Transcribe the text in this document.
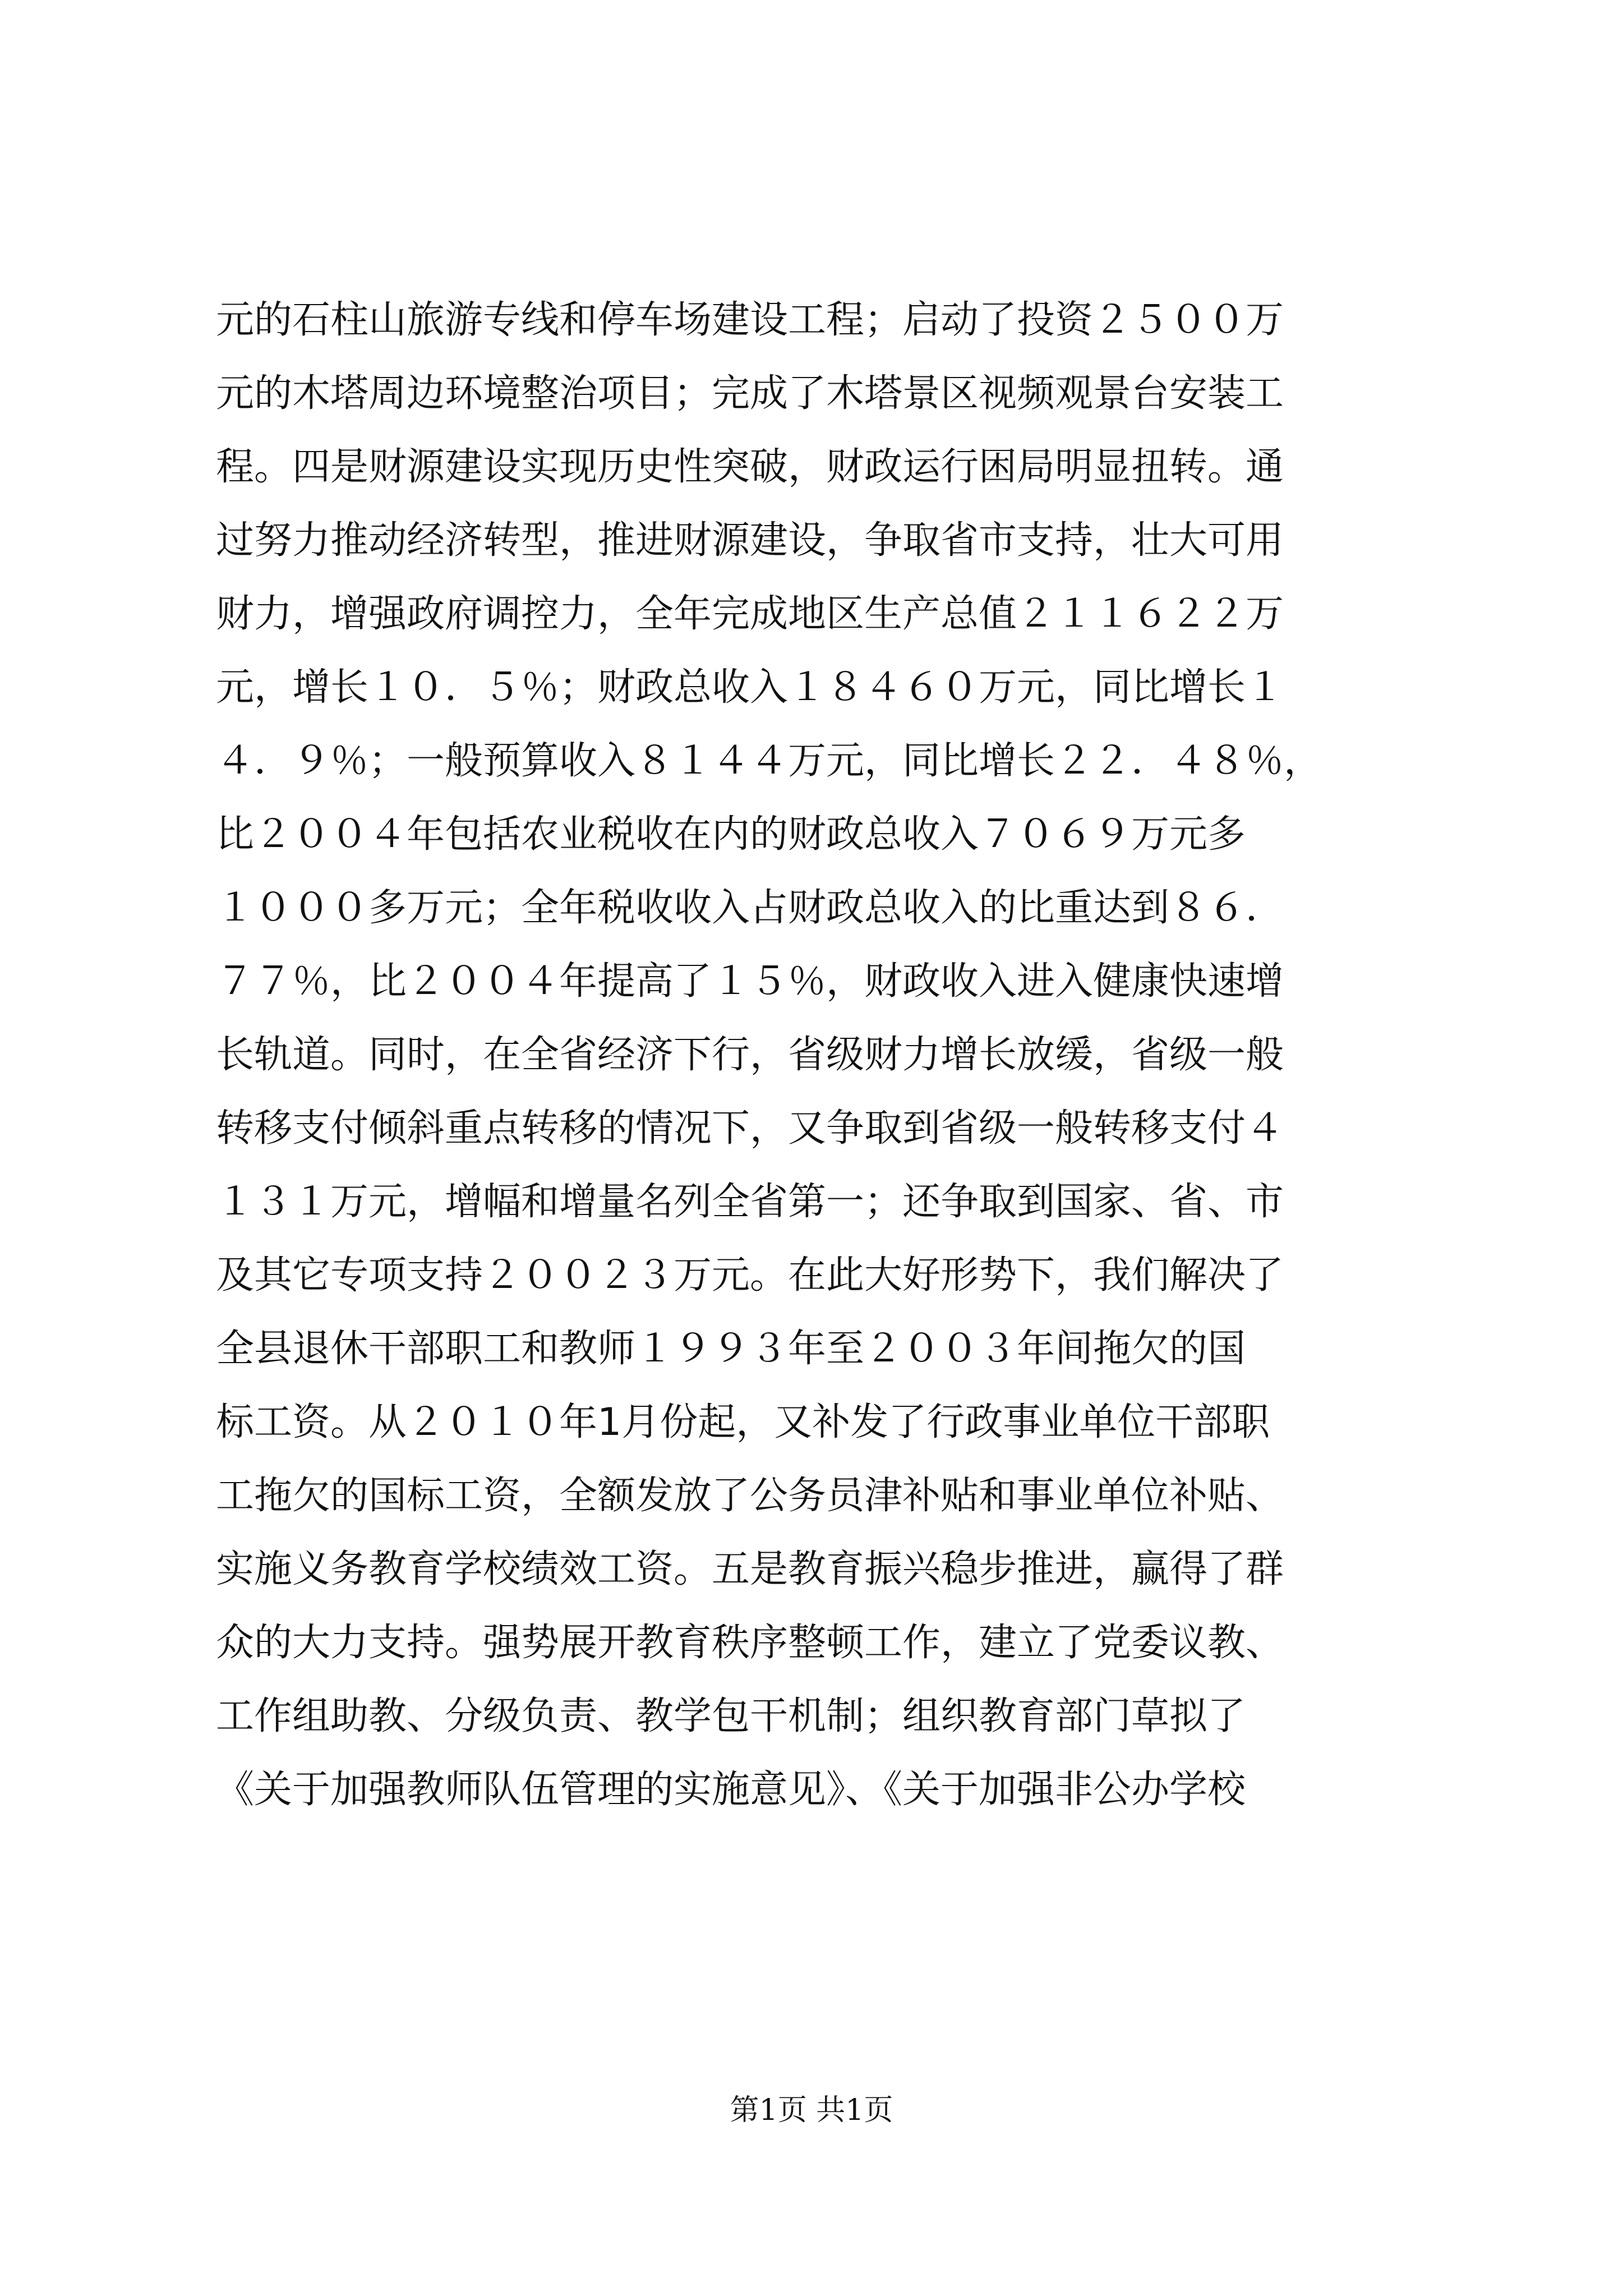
元的石柱山旅游专线和停车场建设工程；启动了投资２５００万
元的木塔周边环境整治项目；完成了木塔景区视频观景台安装工
程。四是财源建设实现历史性突破，财政运行困局明显扭转。通
过努力推动经济转型，推进财源建设，争取省市支持，壮大可用
财力，增强政府调控力，全年完成地区生产总值２１１６２２万
元，增长１０．５％；财政总收入１８４６０万元，同比增长１
４．９％；一般预算收入８１４４万元，同比增长２２．４８％，
比２００４年包括农业税收在内的财政总收入７０６９万元多
１０００多万元；全年税收收入占财政总收入的比重达到８６．
７７％，比２００４年提高了１５％，财政收入进入健康快速增
长轨道。同时，在全省经济下行，省级财力增长放缓，省级一般
转移支付倾斜重点转移的情况下，又争取到省级一般转移支付４
１３１万元，增幅和增量名列全省第一；还争取到国家、省、市
及其它专项支持２００２３万元。在此大好形势下，我们解决了
全县退休干部职工和教师１９９３年至２００３年间拖欠的国
标工资。从２０１０年1月份起，又补发了行政事业单位干部职
工拖欠的国标工资，全额发放了公务员津补贴和事业单位补贴、
实施义务教育学校绩效工资。五是教育振兴稳步推进，赢得了群
众的大力支持。强势展开教育秩序整顿工作，建立了党委议教、
工作组助教、分级负责、教学包干机制；组织教育部门草拟了
《关于加强教师队伍管理的实施意见》、《关于加强非公办学校
第1页 共1页
